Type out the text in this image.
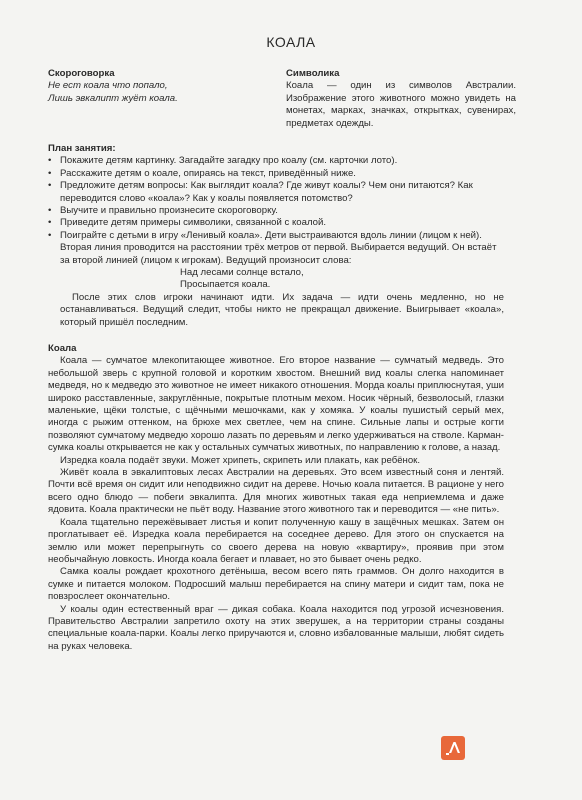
КОАЛА
Скороговорка
Не ест коала что попало,
Лишь эвкалипт жуёт коала.
Символика
Коала — один из символов Австралии. Изображение этого животного можно увидеть на монетах, марках, значках, открытках, сувенирах, предметах одежды.
План занятия:
• Покажите детям картинку. Загадайте загадку про коалу (см. карточки лото).
• Расскажите детям о коале, опираясь на текст, приведённый ниже.
• Предложите детям вопросы: Как выглядит коала? Где живут коалы? Чем они питаются? Как переводится слово «коала»? Как у коалы появляется потомство?
• Выучите и правильно произнесите скороговорку.
• Приведите детям примеры символики, связанной с коалой.
• Поиграйте с детьми в игру «Ленивый коала». Дети выстраиваются вдоль линии (лицом к ней). Вторая линия проводится на расстоянии трёх метров от первой. Выбирается ведущий. Он встаёт за второй линией (лицом к игрокам). Ведущий произносит слова:
Над лесами солнце встало,
Просыпается коала.
После этих слов игроки начинают идти. Их задача — идти очень медленно, но не останавливаться. Ведущий следит, чтобы никто не прекращал движение. Выигрывает «коала», который пришёл последним.
Коала

Коала — сумчатое млекопитающее животное. Его второе название — сумчатый медведь. Это небольшой зверь с крупной головой и коротким хвостом. Внешний вид коалы слегка напоминает медведя, но к медведю это животное не имеет никакого отношения. Морда коалы приплюснутая, уши широко расставленные, закруглённые, покрытые плотным мехом. Носик чёрный, безволосый, глазки маленькие, щёки толстые, с щёчными мешочками, как у хомяка. У коалы пушистый серый мех, иногда с рыжим оттенком, на брюхе мех светлее, чем на спине. Сильные лапы и острые когти позволяют сумчатому медведю хорошо лазать по деревьям и легко удерживаться на стволе. Карман-сумка коалы открывается не как у остальных сумчатых животных, по направлению к голове, а назад.

Изредка коала подаёт звуки. Может хрипеть, скрипеть или плакать, как ребёнок.

Живёт коала в эвкалиптовых лесах Австралии на деревьях. Это всем известный соня и лентяй. Почти всё время он сидит или неподвижно сидит на дереве. Ночью коала питается. В рационе у него всего одно блюдо — побеги эвкалипта. Для многих животных такая еда неприемлема и даже ядовита. Коала практически не пьёт воду. Название этого животного так и переводится — «не пить».

Коала тщательно пережёвывает листья и копит полученную кашу в защёчных мешках. Затем он проглатывает её. Изредка коала перебирается на соседнее дерево. Для этого он спускается на землю или может перепрыгнуть со своего дерева на новую «квартиру», проявив при этом необычайную ловкость. Иногда коала бегает и плавает, но это бывает очень редко.

Самка коалы рождает крохотного детёныша, весом всего пять граммов. Он долго находится в сумке и питается молоком. Подросший малыш перебирается на спину матери и сидит там, пока не повзрослеет окончательно.

У коалы один естественный враг — дикая собака. Коала находится под угрозой исчезновения. Правительство Австралии запретило охоту на этих зверушек, а на территории страны созданы специальные коала-парки. Коалы легко приручаются и, словно избалованные малыши, любят сидеть на руках человека.
